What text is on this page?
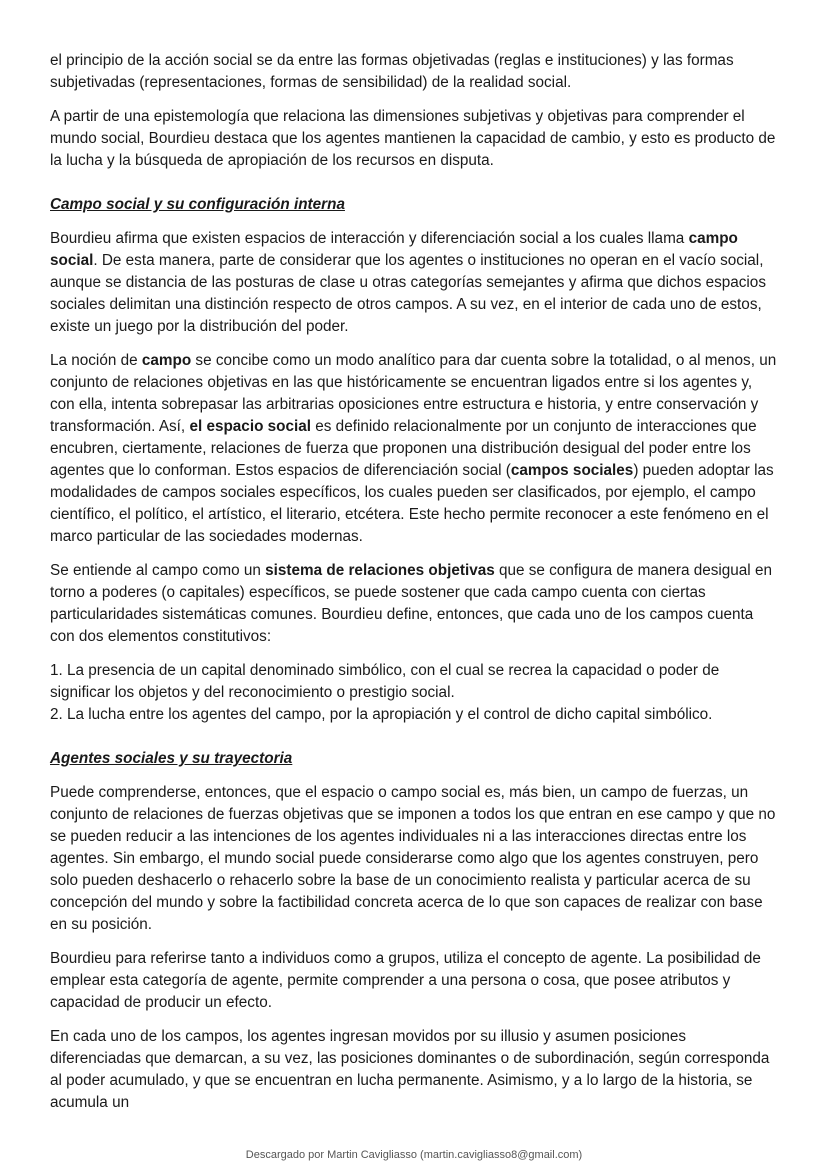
el principio de la acción social se da entre las formas objetivadas (reglas e instituciones) y las formas subjetivadas (representaciones, formas de sensibilidad) de la realidad social.

A partir de una epistemología que relaciona las dimensiones subjetivas y objetivas para comprender el mundo social, Bourdieu destaca que los agentes mantienen la capacidad de cambio, y esto es producto de la lucha y la búsqueda de apropiación de los recursos en disputa.

Campo social y su configuración interna

Bourdieu afirma que existen espacios de interacción y diferenciación social a los cuales llama campo social. De esta manera, parte de considerar que los agentes o instituciones no operan en el vacío social, aunque se distancia de las posturas de clase u otras categorías semejantes y afirma que dichos espacios sociales delimitan una distinción respecto de otros campos. A su vez, en el interior de cada uno de estos, existe un juego por la distribución del poder.

La noción de campo se concibe como un modo analítico para dar cuenta sobre la totalidad, o al menos, un conjunto de relaciones objetivas en las que históricamente se encuentran ligados entre si los agentes y, con ella, intenta sobrepasar las arbitrarias oposiciones entre estructura e historia, y entre conservación y transformación. Así, el espacio social es definido relacionalmente por un conjunto de interacciones que encubren, ciertamente, relaciones de fuerza que proponen una distribución desigual del poder entre los agentes que lo conforman. Estos espacios de diferenciación social (campos sociales) pueden adoptar las modalidades de campos sociales específicos, los cuales pueden ser clasificados, por ejemplo, el campo científico, el político, el artístico, el literario, etcétera. Este hecho permite reconocer a este fenómeno en el marco particular de las sociedades modernas.

Se entiende al campo como un sistema de relaciones objetivas que se configura de manera desigual en torno a poderes (o capitales) específicos, se puede sostener que cada campo cuenta con ciertas particularidades sistemáticas comunes. Bourdieu define, entonces, que cada uno de los campos cuenta con dos elementos constitutivos:

1. La presencia de un capital denominado simbólico, con el cual se recrea la capacidad o poder de significar los objetos y del reconocimiento o prestigio social.
2. La lucha entre los agentes del campo, por la apropiación y el control de dicho capital simbólico.
Agentes sociales y su trayectoria

Puede comprenderse, entonces, que el espacio o campo social es, más bien, un campo de fuerzas, un conjunto de relaciones de fuerzas objetivas que se imponen a todos los que entran en ese campo y que no se pueden reducir a las intenciones de los agentes individuales ni a las interacciones directas entre los agentes. Sin embargo, el mundo social puede considerarse como algo que los agentes construyen, pero solo pueden deshacerlo o rehacerlo sobre la base de un conocimiento realista y particular acerca de su concepción del mundo y sobre la factibilidad concreta acerca de lo que son capaces de realizar con base en su posición.

Bourdieu para referirse tanto a individuos como a grupos, utiliza el concepto de agente. La posibilidad de emplear esta categoría de agente, permite comprender a una persona o cosa, que posee atributos y capacidad de producir un efecto.

En cada uno de los campos, los agentes ingresan movidos por su illusio y asumen posiciones diferenciadas que demarcan, a su vez, las posiciones dominantes o de subordinación, según corresponda al poder acumulado, y que se encuentran en lucha permanente. Asimismo, y a lo largo de la historia, se acumula un

Descargado por Martin Cavigliasso (martin.cavigliasso8@gmail.com)
